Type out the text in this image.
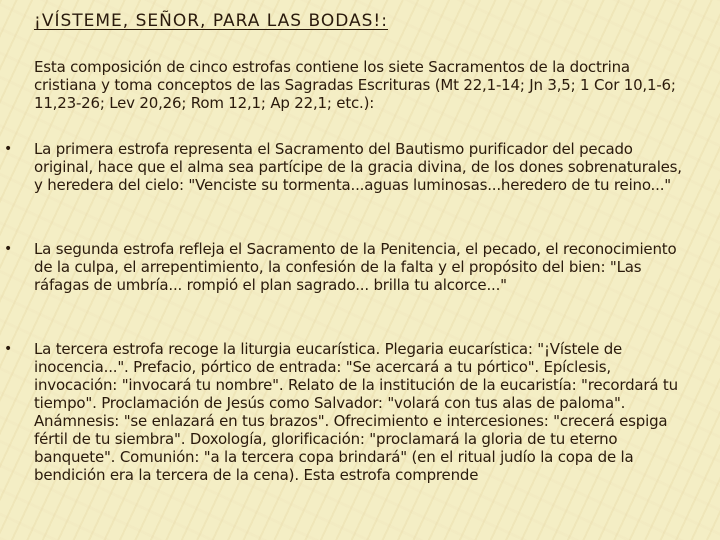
¡VÍSTEME, SEÑOR, PARA LAS BODAS!:

Esta composición de cinco estrofas contiene los siete Sacramentos de la doctrina cristiana y toma conceptos de las Sagradas Escrituras (Mt 22,1-14; Jn 3,5; 1 Cor 10,1-6; 11,23-26; Lev 20,26; Rom 12,1; Ap 22,1; etc.):

• La primera estrofa representa el Sacramento del Bautismo purificador del pecado original, hace que el alma sea partícipe de la gracia divina, de los dones sobrenaturales, y heredera del cielo: "Venciste su tormenta...aguas luminosas...heredero de tu reino..."
• La segunda estrofa refleja el Sacramento de la Penitencia, el pecado, el reconocimiento de la culpa, el arrepentimiento, la confesión de la falta y el propósito del bien: "Las ráfagas de umbría... rompió el plan sagrado... brilla tu alcorce..."
• La tercera estrofa recoge la liturgia eucarística. Plegaria eucarística: "¡Vístele de inocencia...". Prefacio, pórtico de entrada: "Se acercará a tu pórtico". Epíclesis, invocación: "invocará tu nombre". Relato de la institución de la eucaristía: "recordará tu tiempo". Proclamación de Jesús como Salvador: "volará con tus alas de paloma". Anámnesis: "se enlazará en tus brazos". Ofrecimiento e intercesiones: "crecerá espiga fértil de tu siembra". Doxología, glorificación: "proclamará la gloria de tu eterno banquete". Comunión: "a la tercera copa brindará" (en el ritual judío la copa de la bendición era la tercera de la cena). Esta estrofa comprende
